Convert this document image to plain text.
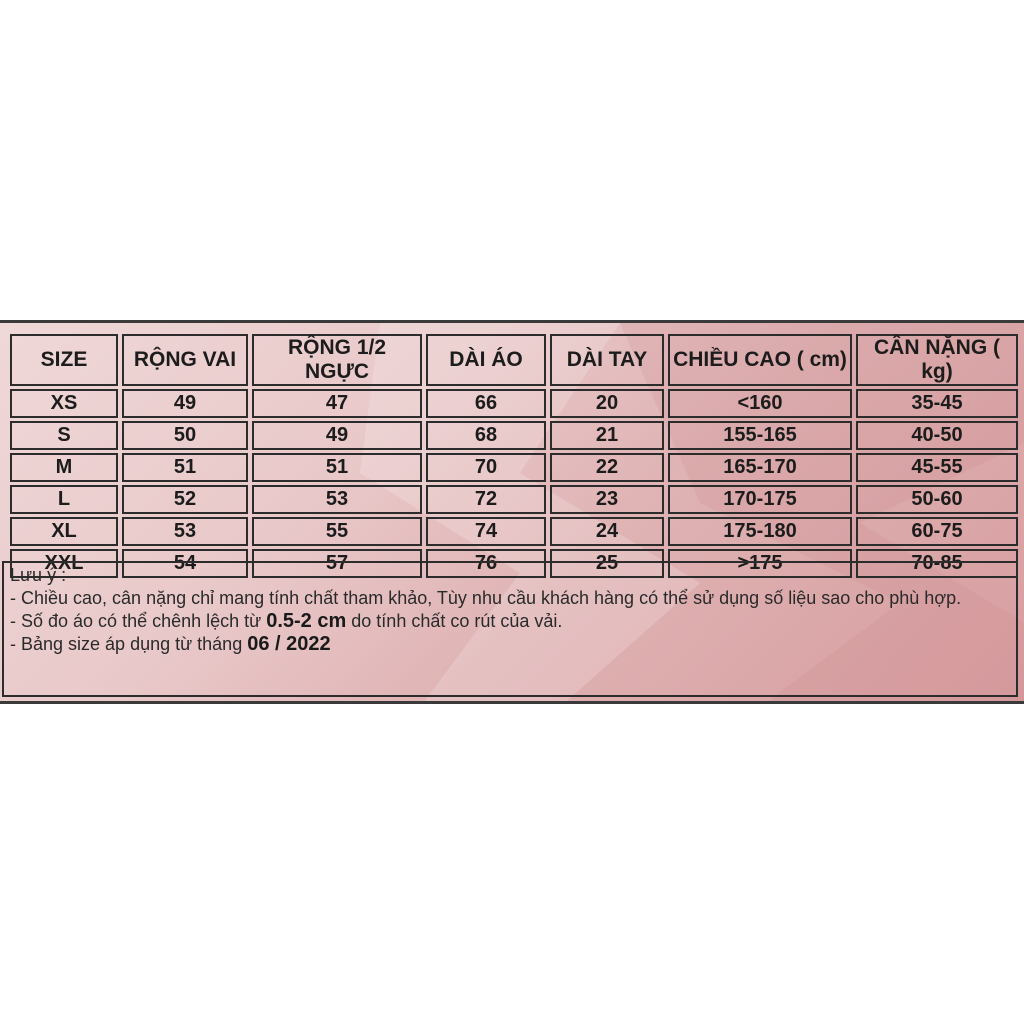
SIZE	RỘNG VAI	RỘNG 1/2 NGỰC	DÀI ÁO	DÀI TAY	CHIỀU CAO ( cm)	CÂN NẶNG ( kg)
XS	49	47	66	20	<160	35-45
S	50	49	68	21	155-165	40-50
M	51	51	70	22	165-170	45-55
L	52	53	72	23	170-175	50-60
XL	53	55	74	24	175-180	60-75
XXL	54	57	76	25	>175	70-85

Lưu ý :

- Chiều cao, cân nặng chỉ mang tính chất tham khảo, Tùy nhu cầu khách hàng có thể sử dụng số liệu sao cho phù hợp.

- Số đo áo có thể chênh lệch từ 0.5-2 cm do tính chất co rút của vải.

- Bảng size áp dụng từ tháng 06 / 2022
